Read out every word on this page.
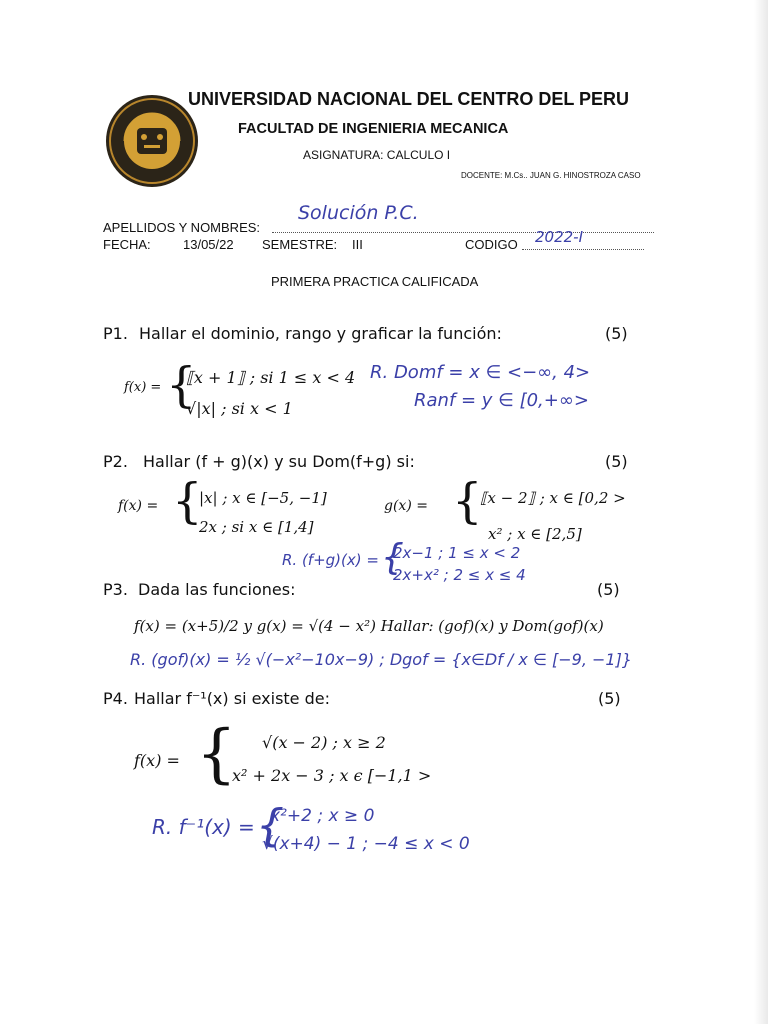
UNIVERSIDAD NACIONAL DEL CENTRO DEL PERU
FACULTAD DE INGENIERIA MECANICA
ASIGNATURA: CALCULO I
DOCENTE: M.Cs.. JUAN G. HINOSTROZA CASO
APELLIDOS Y NOMBRES:
Solución P.C.
FECHA: 13/05/22 SEMESTRE: III	CODIGO 2022-I
PRIMERA PRACTICA CALIFICADA
P1. Hallar el dominio, rango y graficar la función:	(5)
f(x) = {
⟦x + 1⟧ ; si 1 ≤ x < 4
√|x| ; si x < 1
R. Domf = x ∈ <−∞, 4>
Ranf = y ∈ [0,+∞>
P2. Hallar (f + g)(x) y su Dom(f+g) si:	(5)
f(x) = {
|x| ; x ∈ [−5, −1]
2x ; si x ∈ [1,4]
g(x) = {
⟦x − 2⟧ ; x ∈ [0,2 >
x² ; x ∈ [2,5]
R. (f+g)(x) = {
2x−1 ; 1 ≤ x < 2
2x+x² ; 2 ≤ x ≤ 4
P3. Dada las funciones:	(5)
f(x) = (x+5)/2 y g(x) = √(4 − x²) Hallar: (gof)(x) y Dom(gof)(x)
R. (gof)(x) = ½ √(−x²−10x−9) ; Dgof = {x∈Df / x ∈ [−9, −1]}
P4. Hallar f⁻¹(x) si existe de:	(5)
f(x) = { √(x − 2) ; x ≥ 2
x² + 2x − 3 ; x ϵ [−1,1 >
R. f⁻¹(x) = {
x²+2 ; x ≥ 0
√(x+4) − 1 ; −4 ≤ x < 0
